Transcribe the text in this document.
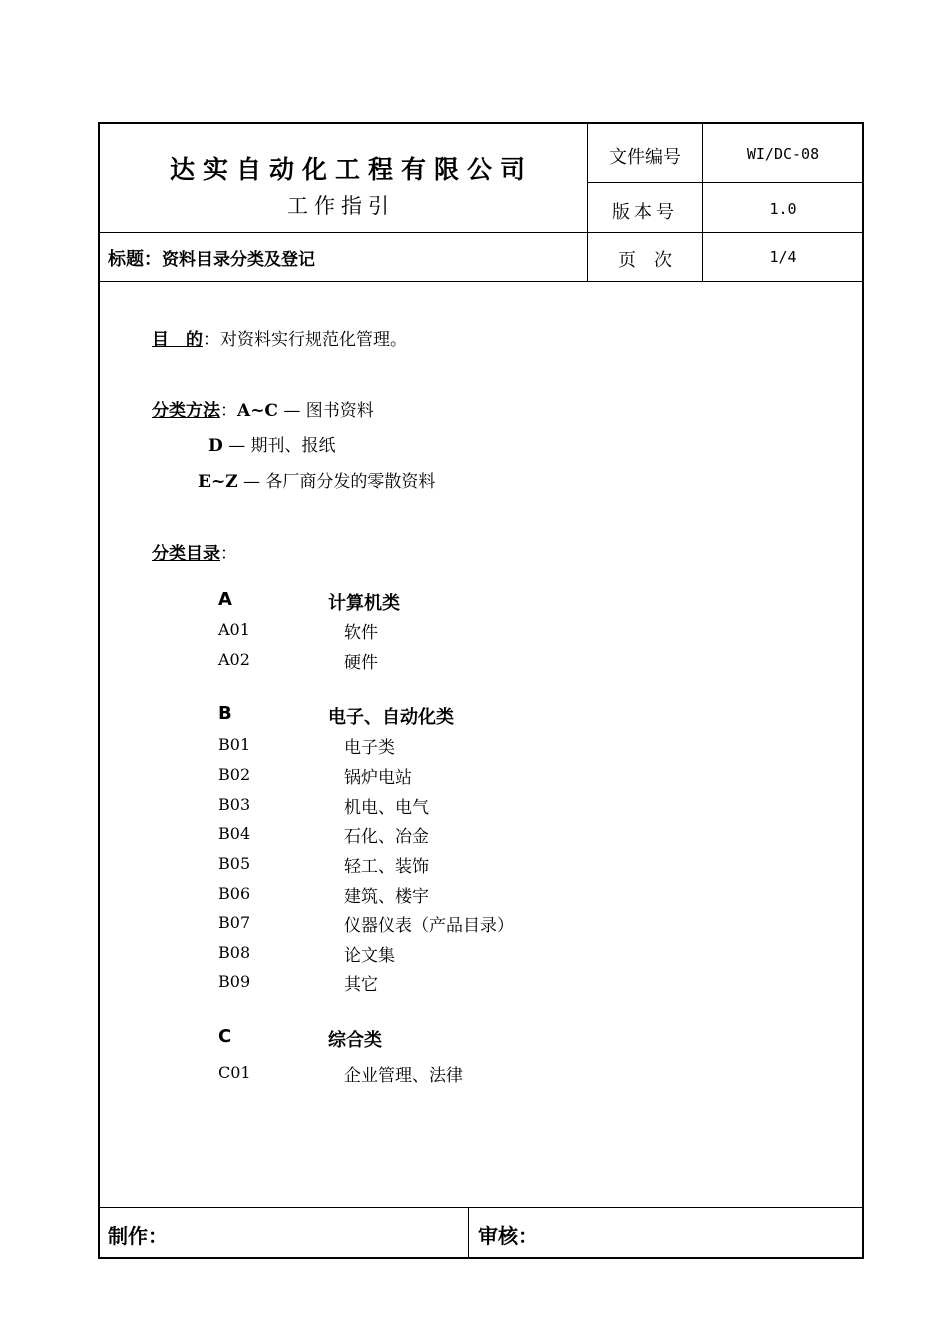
达实自动化工程有限公司
工作指引
文件编号	WI/DC-08
版本号	1.0
页　次	1/4
标题：资料目录分类及登记
目　的：对资料实行规范化管理。
分类方法：A~C — 图书资料
D — 期刊、报纸
E~Z — 各厂商分发的零散资料
分类目录：
A	计算机类
A01	软件
A02	硬件
B	电子、自动化类
B01	电子类
B02	锅炉电站
B03	机电、电气
B04	石化、冶金
B05	轻工、装饰
B06	建筑、楼宇
B07	仪器仪表（产品目录）
B08	论文集
B09	其它
C	综合类
C01	企业管理、法律
制作：	审核：
